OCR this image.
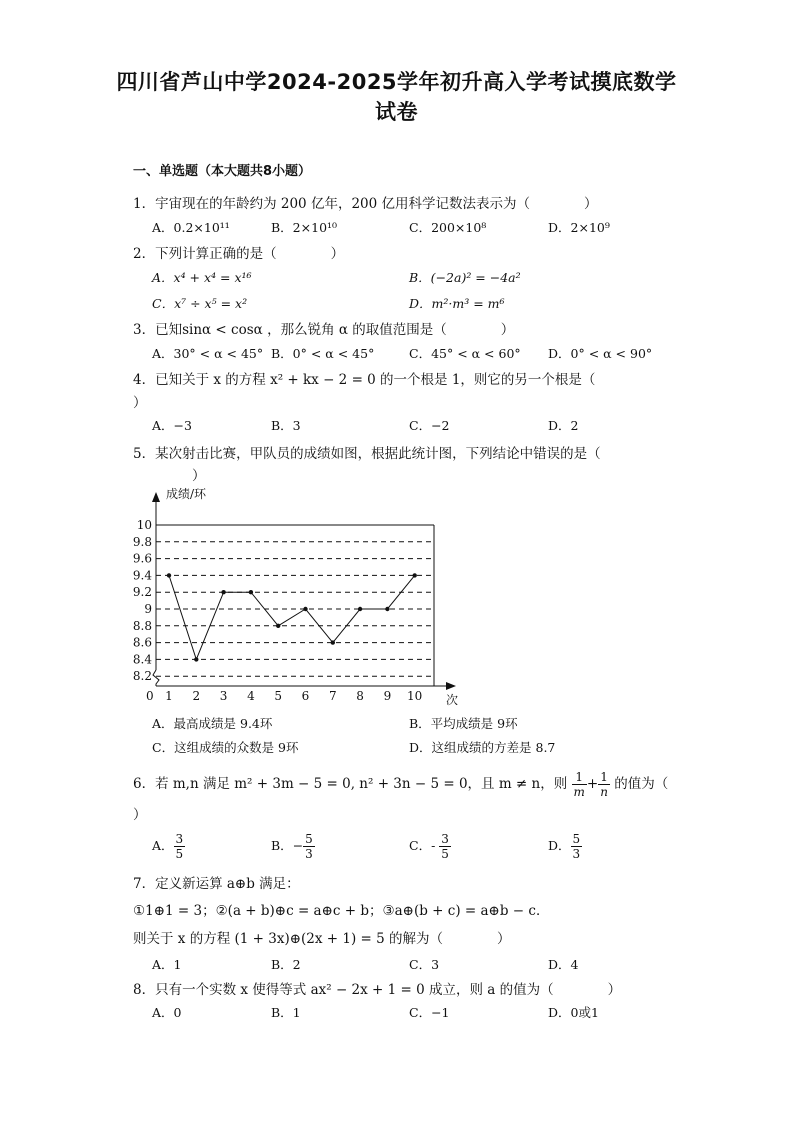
四川省芦山中学2024-2025学年初升高入学考试摸底数学
试卷
一、单选题（本大题共8小题）
1．宇宙现在的年龄约为 200 亿年，200 亿用科学记数法表示为（　　　　）
A．0.2×10¹¹	B．2×10¹⁰	C．200×10⁸	D．2×10⁹
2．下列计算正确的是（　　　　）
A．x⁴ + x⁴ = x¹⁶	B．(−2a)² = −4a²
C．x⁷ ÷ x⁵ = x²	D．m²·m³ = m⁶
3．已知sinα < cosα ，那么锐角 α 的取值范围是（　　　　）
A．30° < α < 45° B．0° < α < 45°	C．45° < α < 60° D．0° < α < 90°
4．已知关于 x 的方程 x² + kx − 2 = 0 的一个根是 1，则它的另一个根是（
）
A．−3	B．3	C．−2	D．2
5．某次射击比赛，甲队员的成绩如图，根据此统计图，下列结论中错误的是（
）
8.2
8.4
8.6
8.8
9
9.2
9.4
9.6
9.8
10
1 2 3 4 5 6 7 8 9 10
成绩/环
次
0
A．最高成绩是 9.4环	B．平均成绩是 9环
C．这组成绩的众数是 9环	D．这组成绩的方差是 8.7
6．若 m,n 满足 m² + 3m − 5 = 0, n² + 3n − 5 = 0，且 m ≠ n，则 $\frac{1}{m} + \frac{1}{n}$ 的值为（
）
A． $\frac{3}{5}$	B．− $\frac{5}{3}$	C．- $\frac{3}{5}$	D． $\frac{5}{3}$
7．定义新运算 a⊕b 满足：
①1⊕1 = 3；②(a + b)⊕c = a⊕c + b；③a⊕(b + c) = a⊕b − c．
则关于 x 的方程 (1 + 3x)⊕(2x + 1) = 5 的解为（　　　　）
A．1	B．2	C．3	D．4
8．只有一个实数 x 使得等式 ax² − 2x + 1 = 0 成立，则 a 的值为（　　　　）
A．0	B．1	C．−1	D．0或1
